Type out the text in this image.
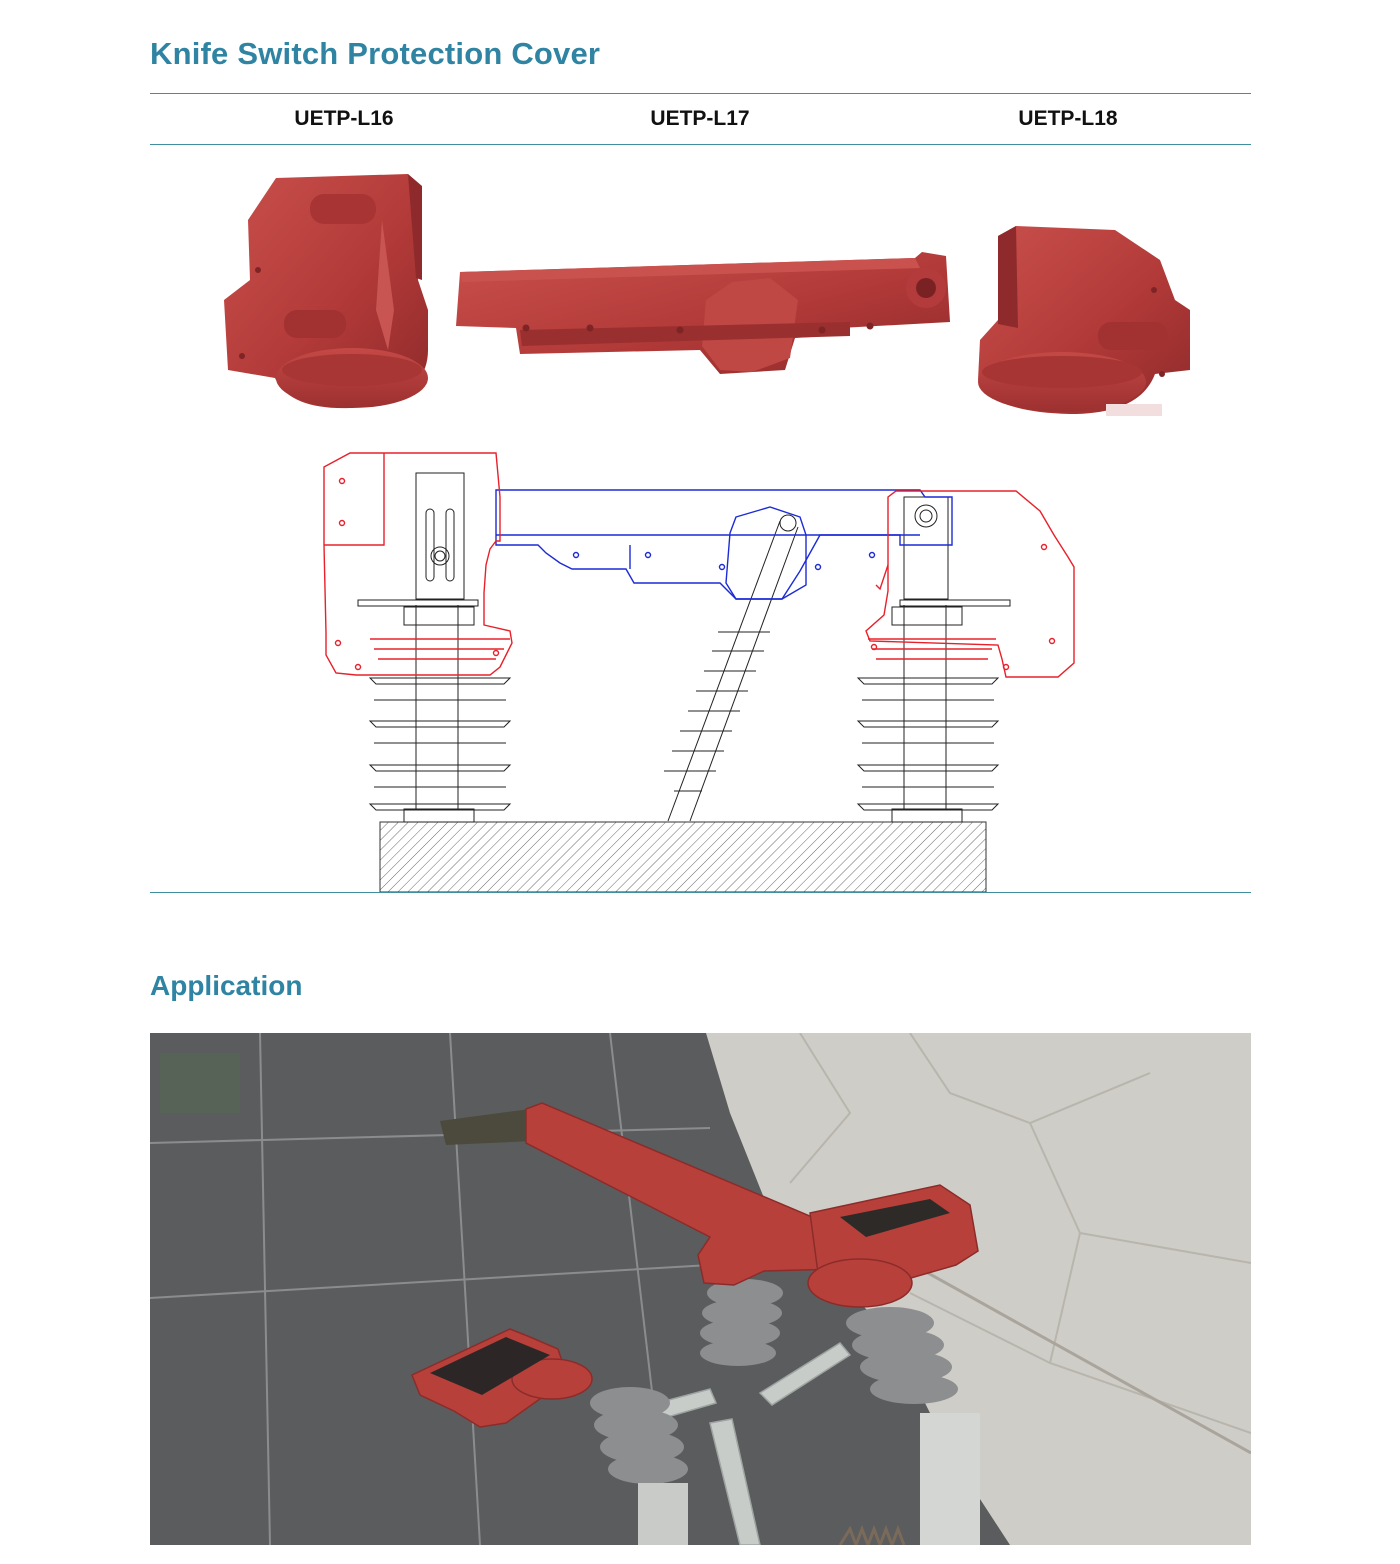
Knife Switch Protection Cover
UETP-L16	UETP-L17	UETP-L18
Application
